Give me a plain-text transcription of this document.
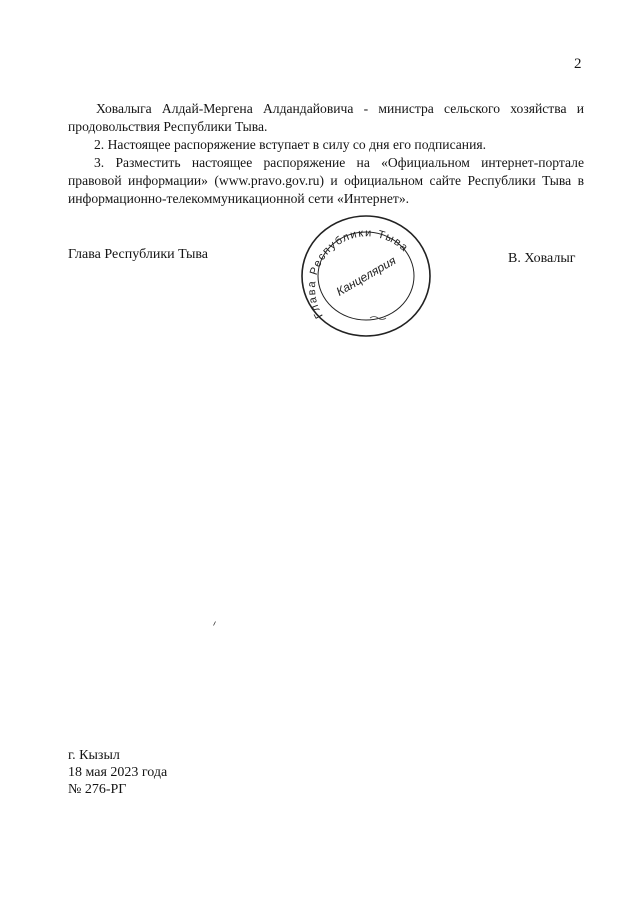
2

Ховалыга Алдай-Мергена Алдандайовича - министра сельского хозяйства и продовольствия Республики Тыва.

2. Настоящее распоряжение вступает в силу со дня его подписания.

3. Разместить настоящее распоряжение на «Официальном интернет-портале правовой информации» (www.pravo.gov.ru) и официальном сайте Республики Тыва в информационно-телекоммуникационной сети «Интернет».

Глава Республики Тыва
Глава Республики Тыва
Канцелярия	В. Ховалыг
г. Кызыл
18 мая 2023 года
№ 276-РГ
